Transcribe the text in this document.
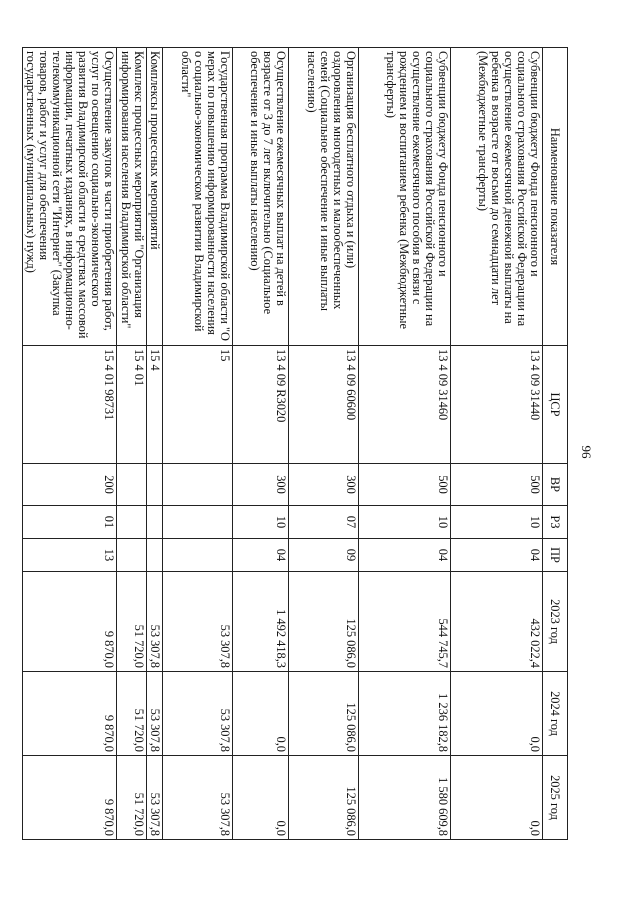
96
Наименование показателя	ЦСР	ВР	РЗ	ПР	2023 год	2024 год	2025 год
Субвенции бюджету Фонда пенсионного и социального страхования Российской Федерации на осуществление ежемесячной денежной выплаты на ребенка в возрасте от восьми до семнадцати лет (Межбюджетные трансферты)	13 4 09 31440	500	10	04	432 022,4	0,0	0,0
Субвенции бюджету Фонда пенсионного и социального страхования Российской Федерации на осуществление ежемесячного пособия в связи с рождением и воспитанием ребенка (Межбюджетные трансферты)	13 4 09 31460	500	10	04	544 745,7	1 236 182,8	1 580 609,8
Организация бесплатного отдыха и (или) оздоровления многодетных и малообеспеченных семей (Социальное обеспечение и иные выплаты населению)	13 4 09 60600	300	07	09	125 086,0	125 086,0	125 086,0
Осуществление ежемесячных выплат на детей в возрасте от 3 до 7 лет включительно (Социальное обеспечение и иные выплаты населению)	13 4 09 R3020	300	10	04	1 492 418,3	0,0	0,0
Государственная программа Владимирской области "О мерах по повышению информированности населения о социально-экономическом развитии Владимирской области"	15				53 307,8	53 307,8	53 307,8
Комплексы процессных мероприятий	15 4				53 307,8	53 307,8	53 307,8
Комплекс процессных мероприятий "Организация информирования населения Владимирской области"	15 4 01				51 720,0	51 720,0	51 720,0
Осуществление закупок в части приобретения работ, услуг по освещению социально-экономического развития Владимирской области в средствах массовой информации, печатных изданиях, в информационно-телекоммуникационной сети "Интернет" (Закупка товаров, работ и услуг для обеспечения государственных (муниципальных) нужд)	15 4 01 98731	200	01	13	9 870,0	9 870,0	9 870,0
